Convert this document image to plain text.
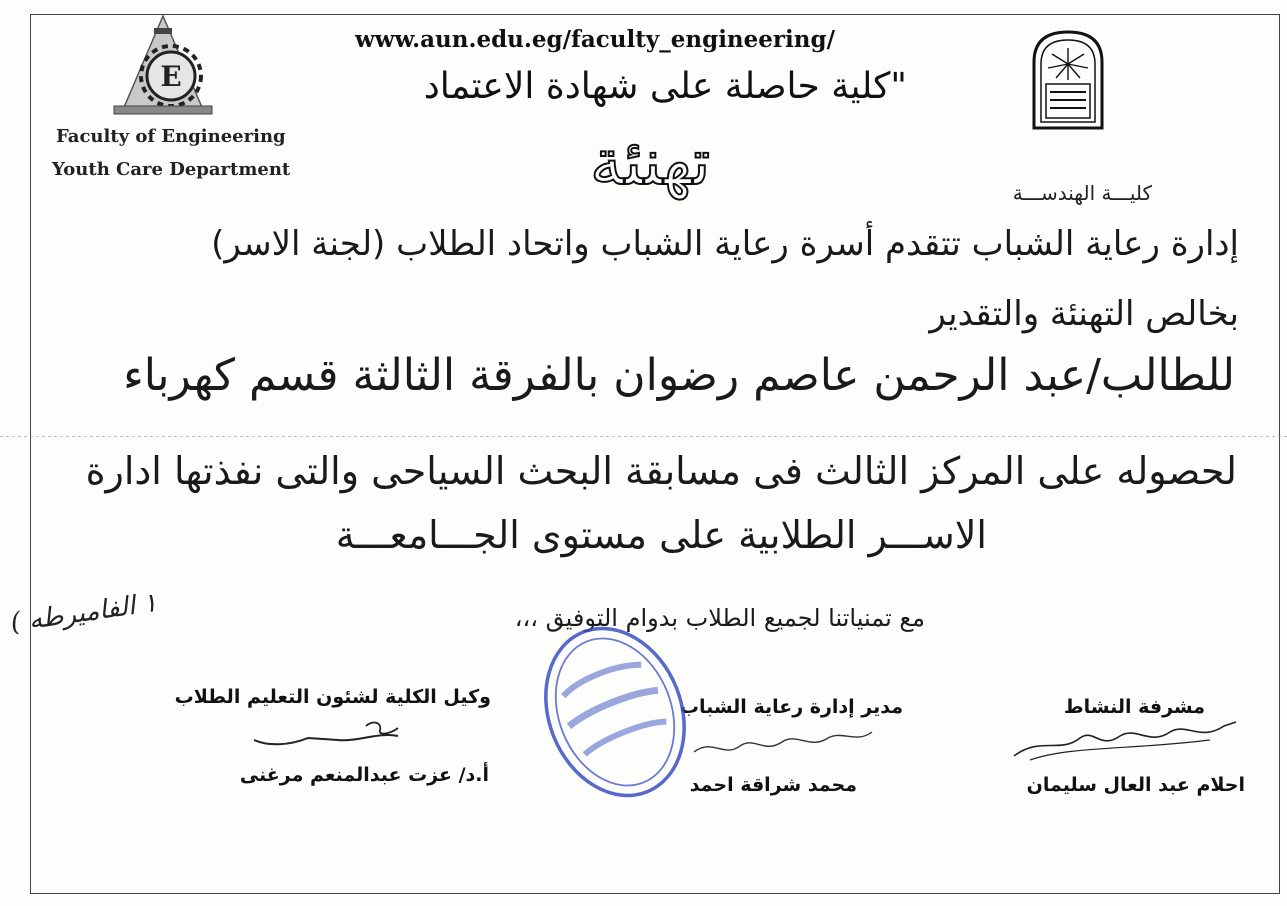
E
www.aun.edu.eg/faculty_engineering/
"كلية حاصلة على شهادة الاعتماد
Faculty of Engineering
Youth Care Department	تهنئة	كليـــة الهندســـة
إدارة رعاية الشباب تتقدم أسرة رعاية الشباب واتحاد الطلاب (لجنة الاسر)
بخالص التهنئة والتقدير
للطالب/عبد الرحمن عاصم رضوان بالفرقة الثالثة قسم كهرباء
لحصوله على المركز الثالث فى مسابقة البحث السياحى والتى نفذتها ادارة
الاســـر الطلابية على مستوى الجـــامعـــة
مع تمنياتنا لجميع الطلاب بدوام التوفيق ،،،
١ الفاميرطه )
مشرفة النشاط
احلام عبد العال سليمان
مدير إدارة رعاية الشباب
محمد شراقة احمد
وكيل الكلية لشئون التعليم الطلاب
أ.د/ عزت عبدالمنعم مرغنى
